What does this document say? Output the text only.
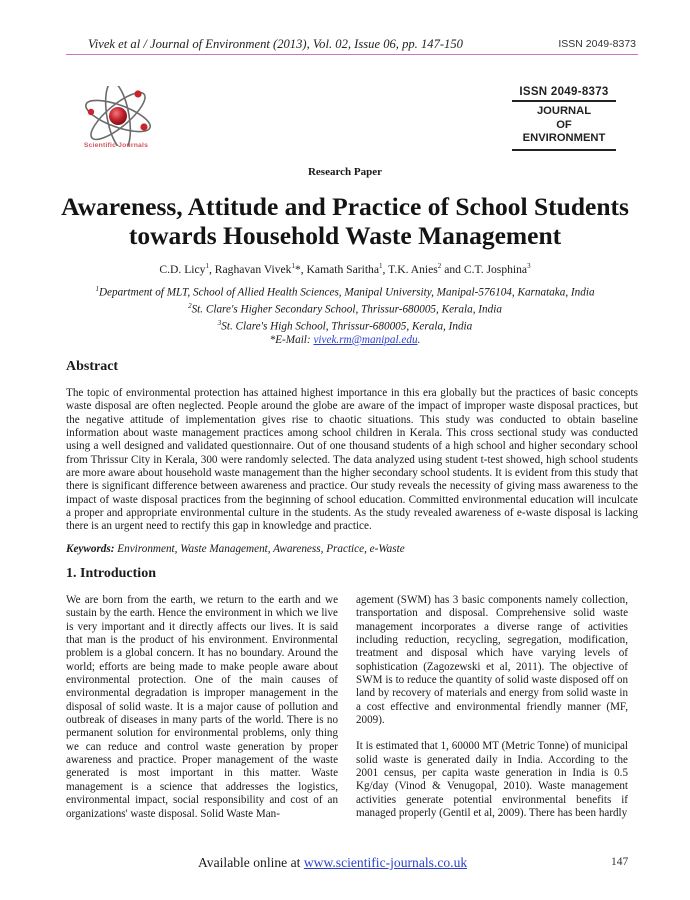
Vivek et al / Journal of Environment (2013), Vol. 02, Issue 06, pp. 147-150	ISSN 2049-8373
Scientific Journals
ISSN 2049-8373
JOURNAL
OF
ENVIRONMENT
Research Paper
Awareness, Attitude and Practice of School Students
towards Household Waste Management
C.D. Licy$^1$, Raghavan Vivek$^1$*, Kamath Saritha$^1$, T.K. Anies$^2$ and C.T. Josphina$^3$
$^1$Department of MLT, School of Allied Health Sciences, Manipal University, Manipal-576104, Karnataka, India
$^2$St. Clare's Higher Secondary School, Thrissur-680005, Kerala, India
$^3$St. Clare's High School, Thrissur-680005, Kerala, India
*E-Mail: vivek.rm@manipal.edu.
Abstract

The topic of environmental protection has attained highest importance in this era globally but the practices of basic concepts waste disposal are often neglected. People around the globe are aware of the impact of improper waste disposal practices, but the negative attitude of implementation gives rise to chaotic situations. This study was conducted to obtain baseline information about waste management practices among school children in Kerala. This cross sectional study was conducted using a well designed and validated questionnaire. Out of one thousand students of a high school and higher secondary school from Thrissur City in Kerala, 300 were randomly selected. The data analyzed using student t-test showed, high school students are more aware about household waste management than the higher secondary school students. It is evident from this study that there is significant difference between awareness and practice. Our study reveals the necessity of giving mass awareness to the impact of waste disposal practices from the beginning of school education. Committed environmental education will inculcate a proper and appropriate environmental culture in the students. As the study revealed awareness of e-waste disposal is lacking there is an urgent need to rectify this gap in knowledge and practice.

Keywords: Environment, Waste Management, Awareness, Practice, e-Waste
1. Introduction

We are born from the earth, we return to the earth and we sustain by the earth. Hence the environment in which we live is very important and it directly affects our lives. It is said that man is the product of his environment. Environmental problem is a global concern. It has no boundary. Around the world; efforts are being made to make people aware about environmental protection. One of the main causes of environmental degradation is improper management in the disposal of solid waste. It is a major cause of pollution and outbreak of diseases in many parts of the world. There is no permanent solution for environmental problems, only thing we can reduce and control waste generation by proper awareness and practice. Proper management of the waste generated is most important in this matter. Waste management is a science that addresses the logistics, environmental impact, social responsibility and cost of an organizations' waste disposal. Solid Waste Man-

agement (SWM) has 3 basic components namely collection, transportation and disposal. Comprehensive solid waste management incorporates a diverse range of activities including reduction, recycling, segregation, modification, treatment and disposal which have varying levels of sophistication (Zagozewski et al, 2011). The objective of SWM is to reduce the quantity of solid waste disposed off on land by recovery of materials and energy from solid waste in a cost effective and environmental friendly manner (MF, 2009).

It is estimated that 1, 60000 MT (Metric Tonne) of municipal solid waste is generated daily in India. According to the 2001 census, per capita waste generation in India is 0.5 Kg/day (Vinod & Venugopal, 2010). Waste management activities generate potential environmental benefits if managed properly (Gentil et al, 2009). There has been hardly

Available online at www.scientific-journals.co.uk	147
